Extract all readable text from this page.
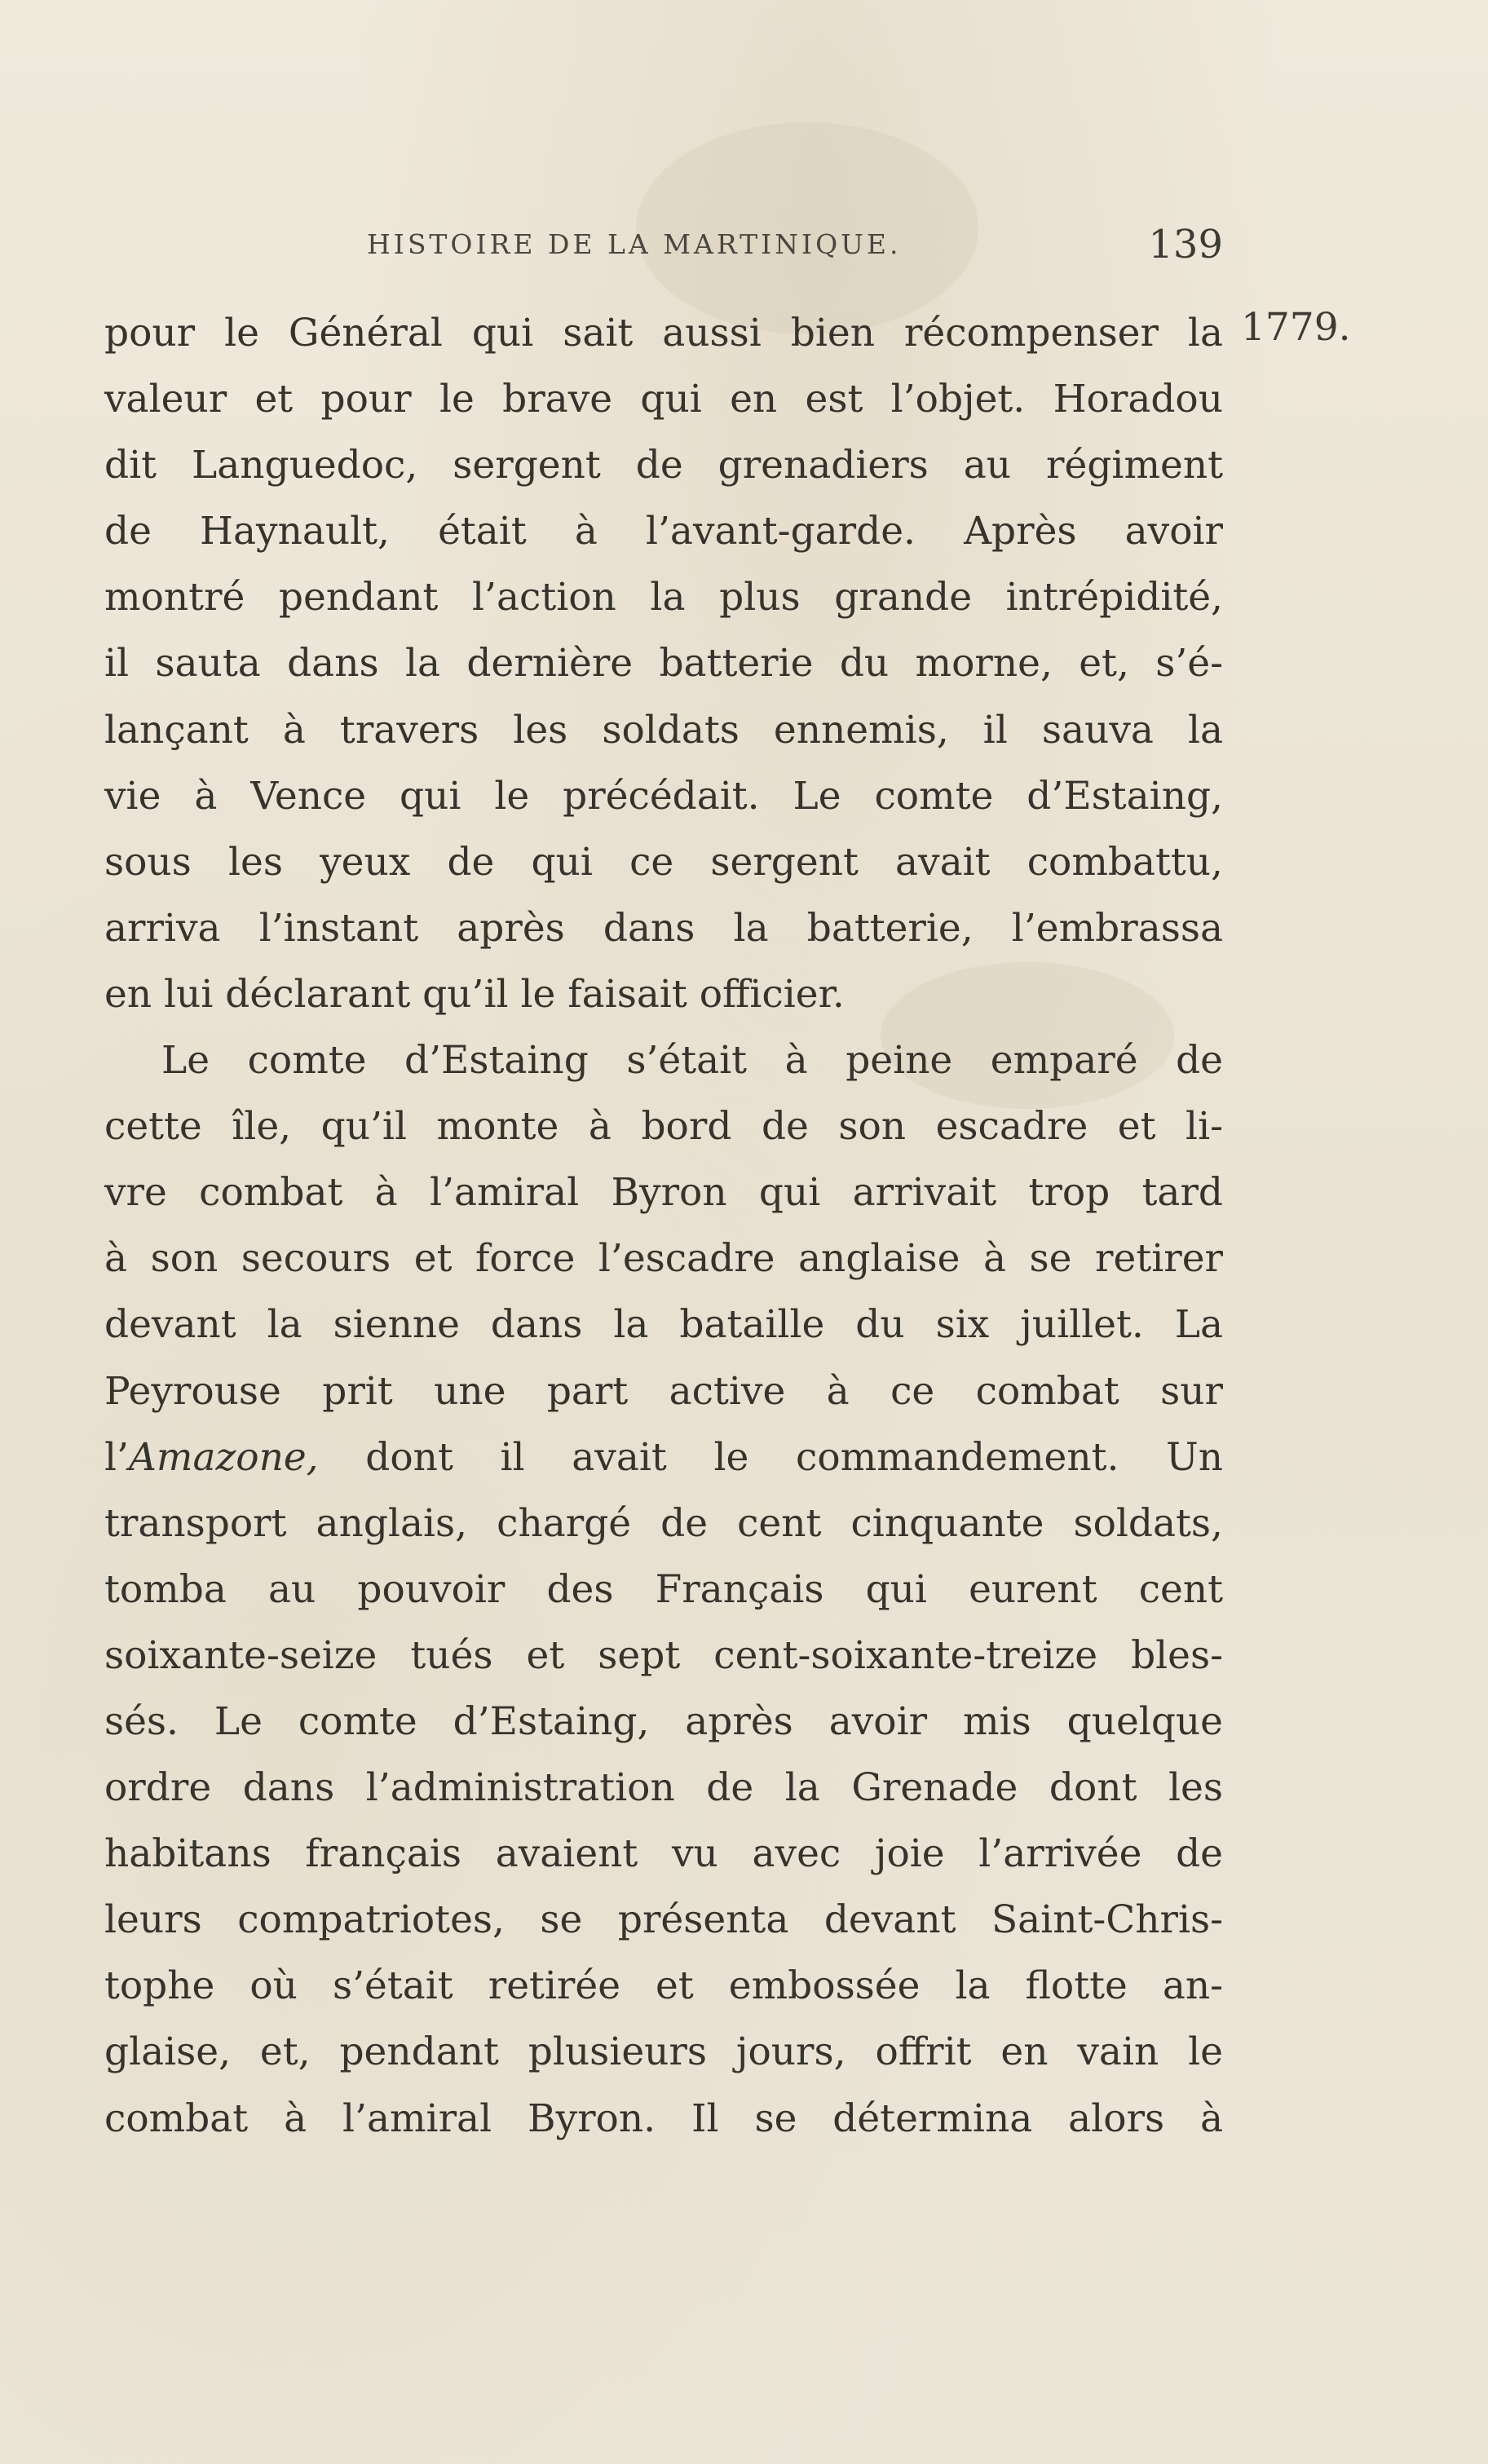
HISTOIRE DE LA MARTINIQUE.	139
1779.
pour le Général qui sait aussi bien récompenser la
valeur et pour le brave qui en est l’objet. Horadou
dit Languedoc, sergent de grenadiers au régiment
de Haynault, était à l’avant-garde. Après avoir
montré pendant l’action la plus grande intrépidité,
il sauta dans la dernière batterie du morne, et, s’é-
lançant à travers les soldats ennemis, il sauva la
vie à Vence qui le précédait. Le comte d’Estaing,
sous les yeux de qui ce sergent avait combattu,
arriva l’instant après dans la batterie, l’embrassa
en lui déclarant qu’il le faisait officier.
Le comte d’Estaing s’était à peine emparé de
cette île, qu’il monte à bord de son escadre et li-
vre combat à l’amiral Byron qui arrivait trop tard
à son secours et force l’escadre anglaise à se retirer
devant la sienne dans la bataille du six juillet. La
Peyrouse prit une part active à ce combat sur
l’Amazone, dont il avait le commandement. Un
transport anglais, chargé de cent cinquante soldats,
tomba au pouvoir des Français qui eurent cent
soixante-seize tués et sept cent-soixante-treize bles-
sés. Le comte d’Estaing, après avoir mis quelque
ordre dans l’administration de la Grenade dont les
habitans français avaient vu avec joie l’arrivée de
leurs compatriotes, se présenta devant Saint-Chris-
tophe où s’était retirée et embossée la flotte an-
glaise, et, pendant plusieurs jours, offrit en vain le
combat à l’amiral Byron. Il se détermina alors à
